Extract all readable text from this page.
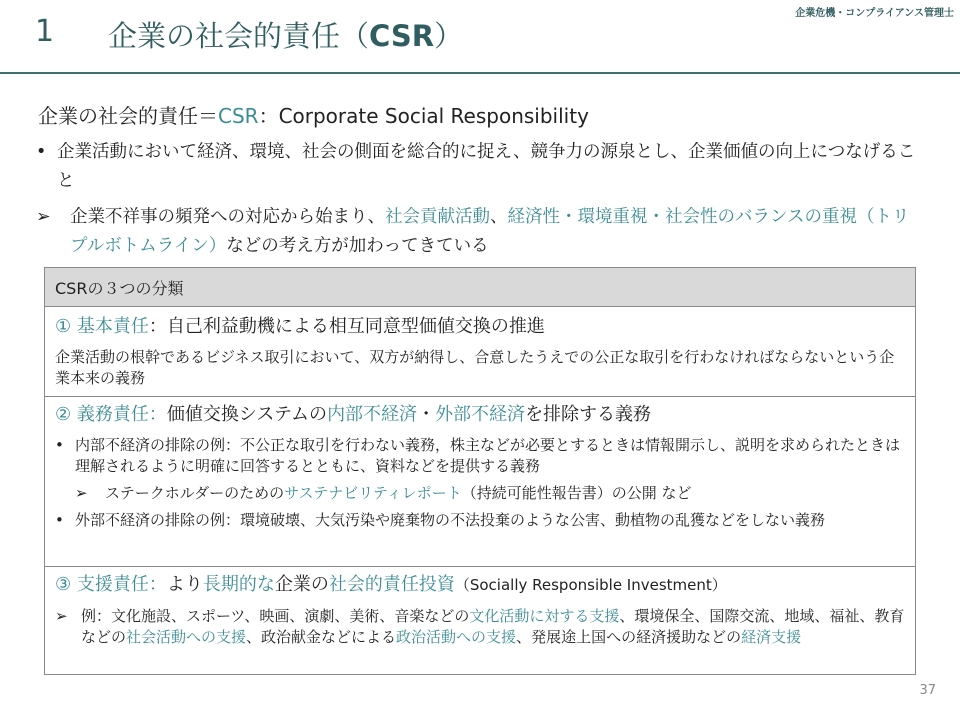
1 企業の社会的責任（CSR）
企業危機・コンプライアンス管理士
企業の社会的責任＝CSR：Corporate Social Responsibility
• 企業活動において経済、環境、社会の側面を総合的に捉え、競争力の源泉とし、企業価値の向上につなげること
➢ 企業不祥事の頻発への対応から始まり、社会貢献活動、経済性・環境重視・社会性のバランスの重視（トリプルボトムライン）などの考え方が加わってきている
CSRの３つの分類
① 基本責任：自己利益動機による相互同意型価値交換の推進
企業活動の根幹であるビジネス取引において、双方が納得し、合意したうえでの公正な取引を行わなければならないという企業本来の義務
② 義務責任：価値交換システムの内部不経済・外部不経済を排除する義務
• 内部不経済の排除の例：不公正な取引を行わない義務，株主などが必要とするときは情報開示し、説明を求められたときは理解されるように明確に回答するとともに、資料などを提供する義務
➢ ステークホルダーのためのサステナビリティレポート（持続可能性報告書）の公開 など
• 外部不経済の排除の例：環境破壊、大気汚染や廃棄物の不法投棄のような公害、動植物の乱獲などをしない義務
③ 支援責任：より長期的な企業の社会的責任投資（Socially Responsible Investment）
➢ 例：文化施設、スポーツ、映画、演劇、美術、音楽などの文化活動に対する支援、環境保全、国際交流、地域、福祉、教育などの社会活動への支援、政治献金などによる政治活動への支援、発展途上国への経済援助などの経済支援
37
